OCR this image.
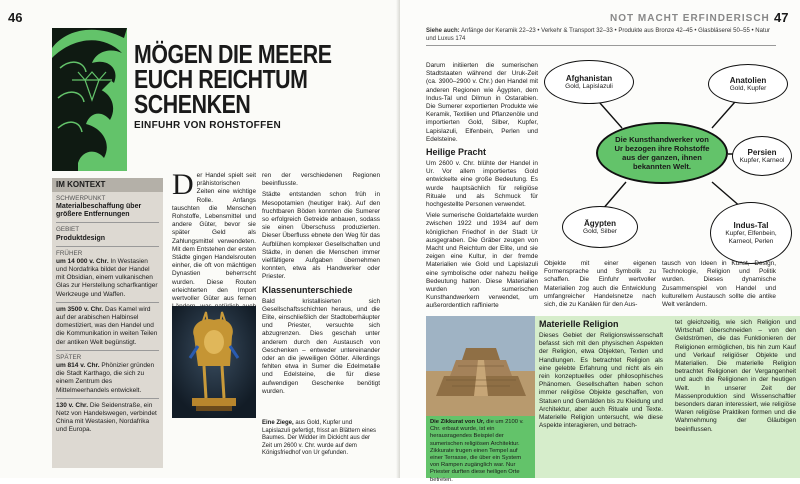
46
MÖGEN DIE MEERE
EUCH REICHTUM
SCHENKEN
EINFUHR VON ROHSTOFFEN
IM KONTEXT
SCHWERPUNKT
Materialbeschaffung über größere Entfernungen
GEBIET
Produktdesign
FRÜHER
um 14 000 v. Chr. In Westasien und Nordafrika bildet der Handel mit Obsidian, einem vulkanischen Glas zur Herstellung scharfkantiger Werkzeuge und Waffen.
um 3500 v. Chr. Das Kamel wird auf der arabischen Halbinsel domestiziert, was den Handel und die Kommunikation in weiten Teilen der antiken Welt begünstigt.
SPÄTER
um 814 v. Chr. Phönizier gründen die Stadt Karthago, die sich zu einem Zentrum des Mittelmeerhandels entwickelt.
130 v. Chr. Die Seidenstraße, ein Netz von Handelswegen, verbindet China mit Westasien, Nordafrika und Europa.
D er Handel spielt seit prähistorischen Zeiten eine wichtige Rolle. Anfangs tauschten die Menschen Rohstoffe, Lebensmittel und andere Güter, bevor sie später Geld als Zahlungsmittel verwendeten. Mit dem Entstehen der ersten Städte gingen Handelsrouten einher, die oft von mächtigen Dynastien beherrscht wurden. Diese Routen erleichterten den Import wertvoller Güter aus fernen
Eine Ziege, aus Gold, Kupfer und Lapislazuli gefertigt, frisst an Blättern eines Baumes. Der Widder im Dickicht aus der Zeit um 2600 v. Chr. wurde auf dem Königsfriedhof von Ur gefunden.

ren der verschiedenen Regionen beeinflusste.

Städte entstanden schon früh in Mesopotamien (heutiger Irak). Auf den fruchtbaren Böden konnten die Sumerer so erfolgreich Getreide anbauen, sodass sie einen Überschuss produzierten. Dieser Überfluss ebnete den Weg für das Aufblühen komplexer Gesellschaften und Städte, in denen die Menschen immer vielfältigere Aufgaben übernehmen konnten, etwa als Handwerker oder Priester.

Klassenunterschiede

Bald kristallisierten sich Gesellschaftsschichten heraus, und die Elite, einschließlich der Stadtoberhäupter und Priester, versuchte sich abzugrenzen. Dies geschah unter anderem durch den Austausch von Geschenken – entweder untereinander oder an die jeweiligen Götter. Allerdings fehlten etwa in Sumer die Edelmetalle und Edelsteine, die für diese aufwendigen Geschenke benötigt wurden.

NOT MACHT ERFINDERISCH 47
Siehe auch: Anfänge der Keramik 22–23 • Verkehr & Transport 32–33 • Produkte aus Bronze 42–45 • Glasbläserei 50–55 • Natur und Luxus 174

Darum initiierten die sumerischen Stadtstaaten während der Uruk-Zeit (ca. 3900–2900 v. Chr.) den Handel mit anderen Regionen wie Ägypten, dem Indus-Tal und Dilmun in Ostarabien. Die Sumerer exportierten Produkte wie Keramik, Textilien und Pflanzenöle und importierten Gold, Silber, Kupfer, Lapislazuli, Elfenbein, Perlen und Edelsteine.

Heilige Pracht

Um 2600 v. Chr. blühte der Handel in Ur. Vor allem importiertes Gold entwickelte eine große Bedeutung. Es wurde hauptsächlich für religiöse Rituale und als Schmuck für hochgestellte Personen verwendet.

Viele sumerische Goldartefakte wurden zwischen 1922 und 1934 auf dem königlichen Friedhof in der Stadt Ur ausgegraben. Die Gräber zeugen von Macht und Reichtum der Elite, und sie zeigen eine Kultur, in der fremde Materialien wie Gold und Lapislazuli eine symbolische oder nahezu heilige Bedeutung hatten. Diese Materialien wurden von sumerischen Kunsthandwerkern verwendet, um außerordentlich raffinierte

Afghanistan
Gold, Lapislazuli
Anatolien
Gold, Kupfer
Die Kunsthandwerker von Ur bezogen ihre Rohstoffe aus der ganzen, ihnen bekannten Welt.
Persien
Kupfer, Karneol
Indus-Tal
Kupfer, Elfenbein, Karneol, Perlen
Ägypten
Gold, Silber

Objekte mit einer eigenen Formensprache und Symbolik zu schaffen. Die Einfuhr wertvoller Materialien zog auch die Entwicklung umfangreicher Handelsnetze nach sich, die zu Kanälen für den Aus-

tausch von Ideen in Kunst, Design, Technologie, Religion und Politik wurden. Dieses dynamische Zusammenspiel von Handel und kulturellem Austausch sollte die antike Welt verändern.

Die Zikkurat von Ur, die um 2100 v. Chr. erbaut wurde, ist ein herausragendes Beispiel der sumerischen religiösen Architektur. Zikkurate trugen einen Tempel auf einer Terrasse, die über ein System von Rampen zugänglich war. Nur Priester durften diese heiligen Orte betreten.
Materielle Religion

Dieses Gebiet der Religionswissenschaft befasst sich mit den physischen Aspekten der Religion, etwa Objekten, Texten und Handlungen. Es betrachtet Religion als eine gelebte Erfahrung und nicht als ein rein konzeptuelles oder philosophisches Phänomen. Gesellschaften haben schon immer religiöse Objekte geschaffen, von Statuen und Gemälden bis zu Kleidung und Architektur, aber auch Rituale und Texte. Materielle Religion untersucht, wie diese Aspekte interagieren, und betrach-

tet gleichzeitig, wie sich Religion und Wirtschaft überschneiden – von den Geldströmen, die das Funktionieren der Religionen ermöglichen, bis hin zum Kauf und Verkauf religiöser Objekte und Materialien. Die materielle Religion betrachtet Religionen der Vergangenheit und auch die Religionen in der heutigen Welt. In unserer Zeit der Massenproduktion sind Wissenschaftler besonders daran interessiert, wie religiöse Waren religiöse Praktiken formen und die Wahrnehmung der Gläubigen beeinflussen.
